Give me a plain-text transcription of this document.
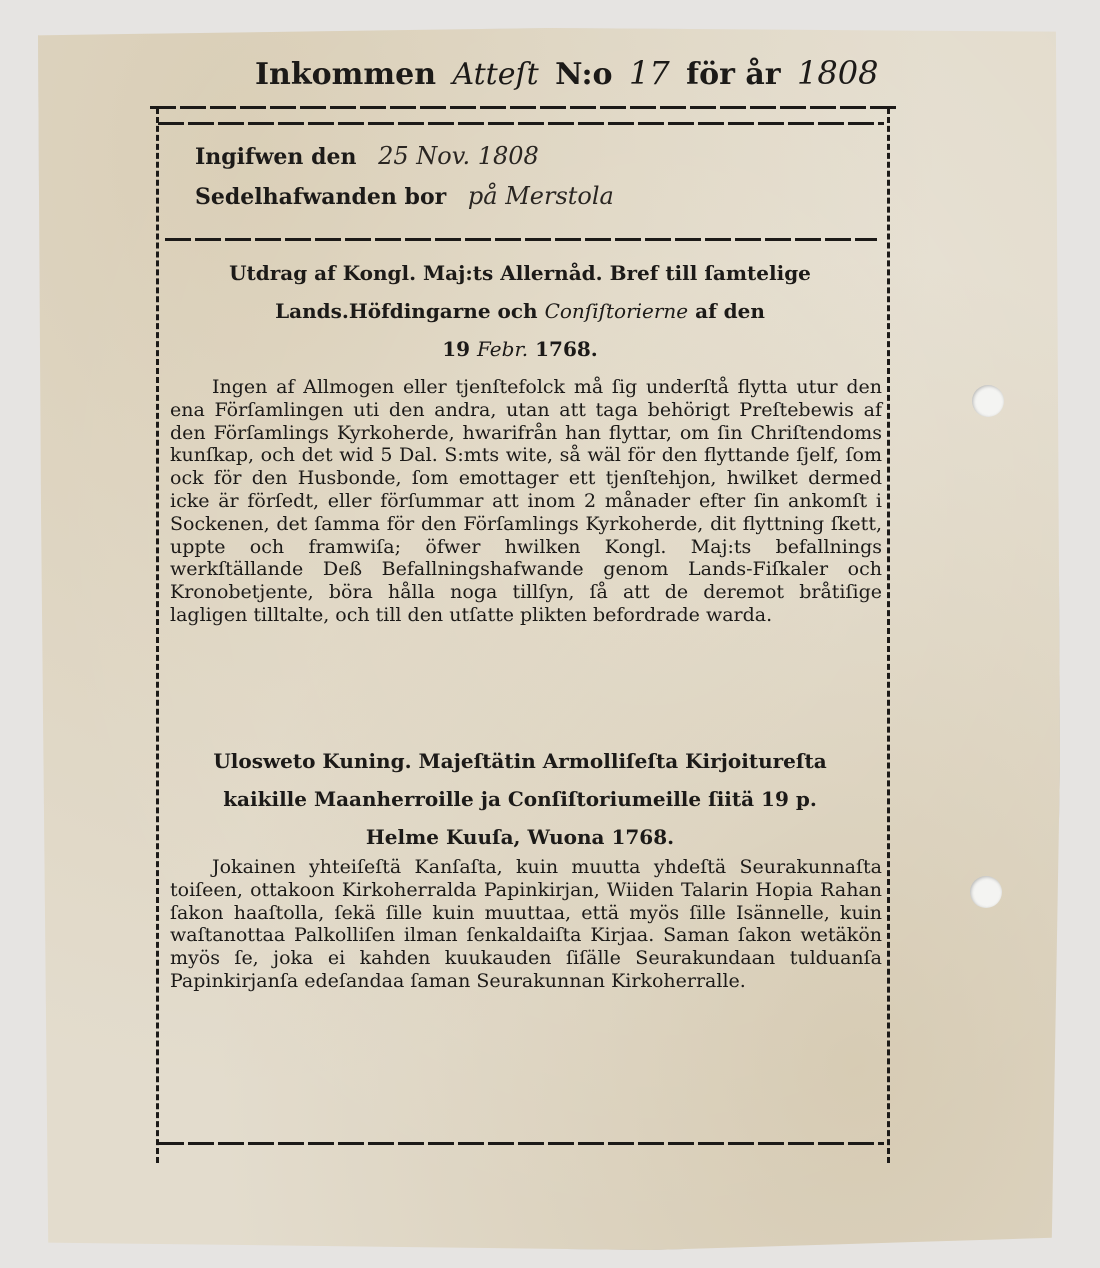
Inkommen Atteſt N:o 17 för år 1808
Ingifwen den 25 Nov. 1808
Sedelhafwanden bor på Merstola
Utdrag af Kongl. Maj:ts Allernåd. Bref till ſamtelige
Lands.Höfdingarne och Conſiſtorierne af den
19 Febr. 1768.

Ingen af Allmogen eller tjenſtefolck må ſig underſtå flytta utur den ena Förſamlingen uti den andra, utan att taga behörigt Preſtebewis af den Förſamlings Kyrkoherde, hwarifrån han flyttar, om ſin Chriſtendoms kunſkap, och det wid 5 Dal. S:mts wite, så wäl för den flyttande ſjelf, ſom ock för den Husbonde, ſom emottager ett tjenſtehjon, hwilket dermed icke är förſedt, eller förſummar att inom 2 månader efter ſin ankomſt i Sockenen, det ſamma för den Förſamlings Kyrkoherde, dit flyttning ſkett, uppte och framwiſa; öfwer hwilken Kongl. Maj:ts befallnings werkſtällande Deß Befallningshafwande genom Lands-Fiſkaler och Kronobetjente, böra hålla noga tillſyn, ſå att de deremot bråtiſige lagligen tilltalte, och till den utſatte plikten befordrade warda.

Ulosweto Kuning. Majeſtätin Armolliſeſta Kirjoitureſta
kaikille Maanherroille ja Conſiſtoriumeille ſiitä 19 p.
Helme Kuuſa, Wuona 1768.

Jokainen yhteiſeſtä Kanſaſta, kuin muutta yhdeſtä Seurakunnaſta toiſeen, ottakoon Kirkoherralda Papinkirjan, Wiiden Talarin Hopia Rahan ſakon haaſtolla, ſekä ſille kuin muuttaa, että myös ſille Isännelle, kuin waſtanottaa Palkolliſen ilman ſenkaldaiſta Kirjaa. Saman ſakon wetäkön myös ſe, joka ei kahden kuukauden ſiſälle Seurakundaan tulduanſa Papinkirjanſa edeſandaa ſaman Seurakunnan Kirkoherralle.
